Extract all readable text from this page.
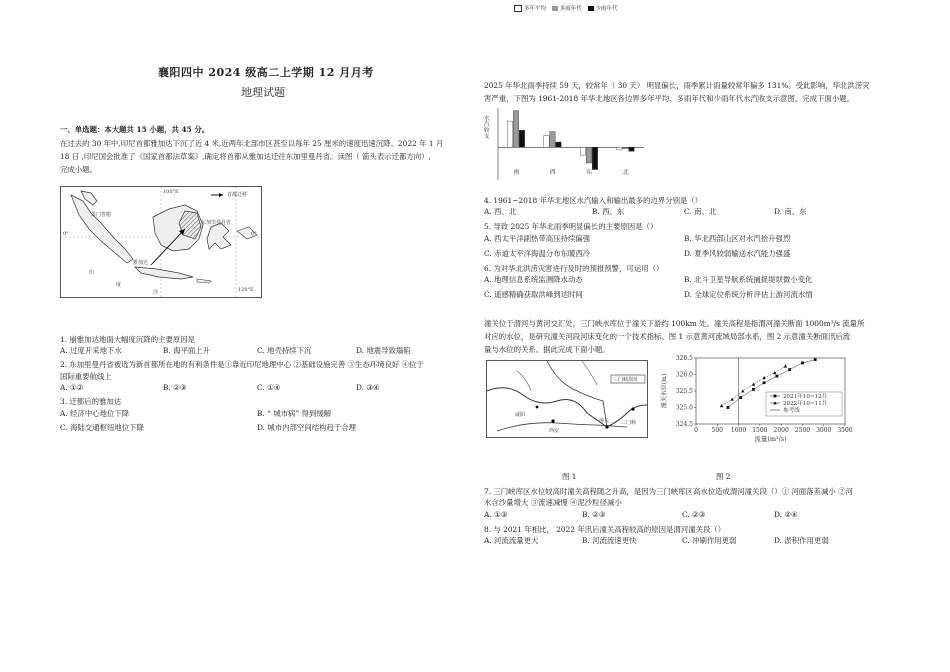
襄阳四中 2024 级高二上学期 12 月月考
地理试题
一、单选题：本大题共 15 小题，共 45 分。
在过去的 30 年中,印尼首都雅加达下沉了近 4 米,近两年北部市区甚至以每年 25 厘米的速度迅速沉降。2022 年 1 月
18 日 ,印尼国会批准了《国家首都法草案》,确定将首都从雅加达迁往东加里曼丹省。读图（ 箭头表示迁都方向）,
完成小题。
首都迁移
苏门答腊
东加里曼丹省
雅加达
印
度
洋
0°
0°
100°E
120°E
1. 崩雅加达地面大幅度沉降的主要原因是
A. 过度开采地下水	B. 海平面上升	C. 地壳持续下沉	D. 地震导致塌陷
2. 东加里曼丹省被选为新首都所在地的有利条件是①靠近印尼地理中心 ②基础设施完善 ③生态环境良好 ④位于
国际重要航线上
A. ①②	B. ②③	C. ①④	D. ③④
3. 迁都后的雅加达
A. 经济中心地位下降	B. “ 城市病” 得到缓解
C. 海陆交通枢纽地位下降	D. 城市内部空间结构趋于合理
2025 年华北雨季持续 59 天，较常年（ 30 天） 明显偏长，雨季累计雨量较常年偏多 131%。受此影响，华北洪涝灾
害严重，下图为 1961-2018 年华北地区各边界多年平均、多雨年代和少雨年代水汽收支示意图。完成下面小题。
多年平均	多雨年代	少雨年代
水汽收支
南	西	东	北
4. 1961~2018 年华北地区水汽输入和输出最多的边界分别是（）
A. 西、北	B. 西、东	C. 南、北	D. 南、东
5. 导致 2025 年华北雨季明显偏长的主要原因是（）
A. 西太平洋副热带高压持续偏强	B. 华北西部山区对水汽抬升强烈
C. 赤道太平洋海温分布东暖西冷	D. 夏季风较弱输送水汽能力强盛
6. 为对华北洪涝灾害进行及时的预报预警，可运用（）
A. 地理信息系统监测降水动态	B. 北斗卫星导航系统捕捉堤坝微小变化
C. 遥感精确获取洪峰到达时间	D. 全球定位系统分析评估上游河流水情
潼关位于渭河与黄河交汇处，三门峡水库位于潼关下游约 100km 处。潼关高程是指渭河潼关断面 1000m³/s 流量所
对应的水位，是研究潼关河段河床变化的一个技术指标。图 1 示意黄河流域局部水系，图 2 示意潼关断面汛后流
量与水位的关系。据此完成下面小题。
三门峡坝址
潼关
咸阳
西安
三门峡
0 500 1000 1500 2000 2500 3000 3500
324.5
325.0
325.5
326.0
326.5
流量(m³/s)
潼关水位(m)	2021年10~12月
2022年10~11月
参考线
图 1	图 2
7. 三门峡库区水位较高时潼关高程随之升高，是因为三门峡库区高水位造成渭河潼关段（）① 河面落差减小 ②河
水含沙量增大 ③流速减慢 ④泥沙粒径减小
A. ①③	B. ②③	C. ②③	D. ②④
8. 与 2021 年相比， 2022 年汛后潼关高程较高的原因是渭河潼关段（）
A. 河流流量更大	B. 河流流速更快	C. 冲刷作用更弱	D. 淤积作用更弱
